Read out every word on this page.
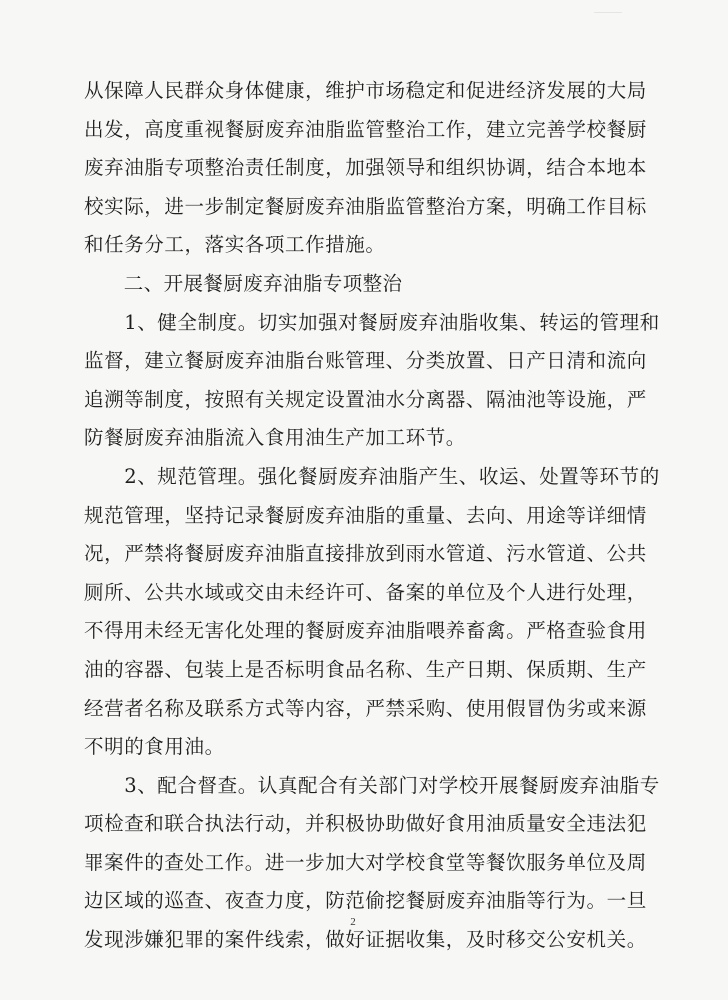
从保障人民群众身体健康，维护市场稳定和促进经济发展的大局
出发，高度重视餐厨废弃油脂监管整治工作，建立完善学校餐厨
废弃油脂专项整治责任制度，加强领导和组织协调，结合本地本
校实际，进一步制定餐厨废弃油脂监管整治方案，明确工作目标
和任务分工，落实各项工作措施。
　　二、开展餐厨废弃油脂专项整治
　　1、健全制度。切实加强对餐厨废弃油脂收集、转运的管理和
监督，建立餐厨废弃油脂台账管理、分类放置、日产日清和流向
追溯等制度，按照有关规定设置油水分离器、隔油池等设施，严
防餐厨废弃油脂流入食用油生产加工环节。
　　2、规范管理。强化餐厨废弃油脂产生、收运、处置等环节的
规范管理，坚持记录餐厨废弃油脂的重量、去向、用途等详细情
况，严禁将餐厨废弃油脂直接排放到雨水管道、污水管道、公共
厕所、公共水域或交由未经许可、备案的单位及个人进行处理，
不得用未经无害化处理的餐厨废弃油脂喂养畜禽。严格查验食用
油的容器、包装上是否标明食品名称、生产日期、保质期、生产
经营者名称及联系方式等内容，严禁采购、使用假冒伪劣或来源
不明的食用油。
　　3、配合督查。认真配合有关部门对学校开展餐厨废弃油脂专
项检查和联合执法行动，并积极协助做好食用油质量安全违法犯
罪案件的查处工作。进一步加大对学校食堂等餐饮服务单位及周
边区域的巡查、夜查力度，防范偷挖餐厨废弃油脂等行为。一旦
发现涉嫌犯罪的案件线索，做好证据收集，及时移交公安机关。
2
